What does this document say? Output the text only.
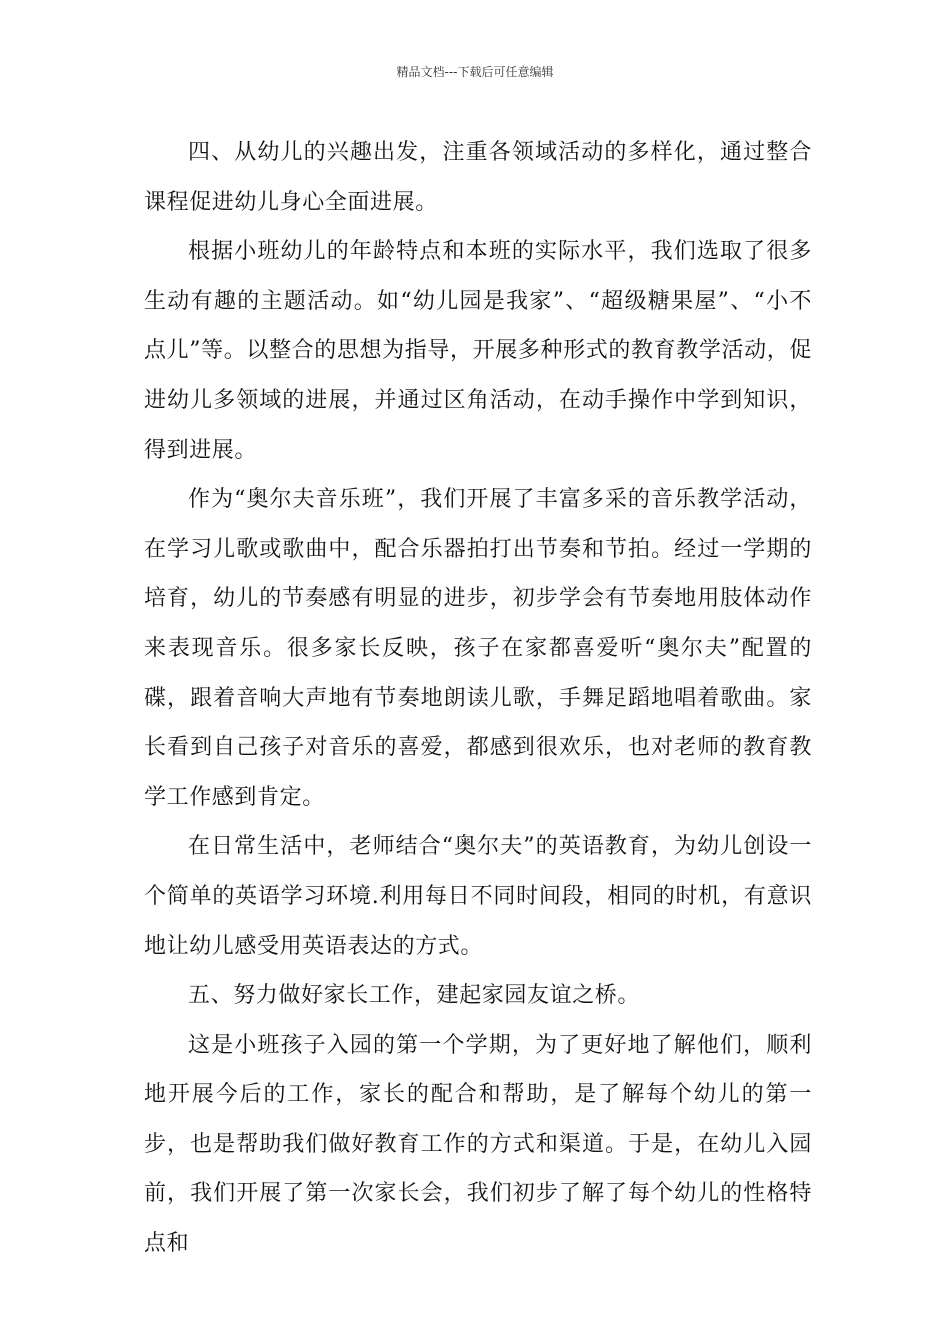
精品文档---下载后可任意编辑

四、从幼儿的兴趣出发，注重各领域活动的多样化，通过整合课程促进幼儿身心全面进展。

根据小班幼儿的年龄特点和本班的实际水平，我们选取了很多生动有趣的主题活动。如“幼儿园是我家”、“超级糖果屋”、“小不点儿”等。以整合的思想为指导，开展多种形式的教育教学活动，促进幼儿多领域的进展，并通过区角活动，在动手操作中学到知识，得到进展。

作为“奥尔夫音乐班”，我们开展了丰富多采的音乐教学活动，在学习儿歌或歌曲中，配合乐器拍打出节奏和节拍。经过一学期的培育，幼儿的节奏感有明显的进步，初步学会有节奏地用肢体动作来表现音乐。很多家长反映，孩子在家都喜爱听“奥尔夫”配置的碟，跟着音响大声地有节奏地朗读儿歌，手舞足蹈地唱着歌曲。家长看到自己孩子对音乐的喜爱，都感到很欢乐，也对老师的教育教学工作感到肯定。

在日常生活中，老师结合“奥尔夫”的英语教育，为幼儿创设一个简单的英语学习环境.利用每日不同时间段，相同的时机，有意识地让幼儿感受用英语表达的方式。

五、努力做好家长工作，建起家园友谊之桥。

这是小班孩子入园的第一个学期，为了更好地了解他们，顺利地开展今后的工作，家长的配合和帮助，是了解每个幼儿的第一步，也是帮助我们做好教育工作的方式和渠道。于是，在幼儿入园前，我们开展了第一次家长会，我们初步了解了每个幼儿的性格特点和
